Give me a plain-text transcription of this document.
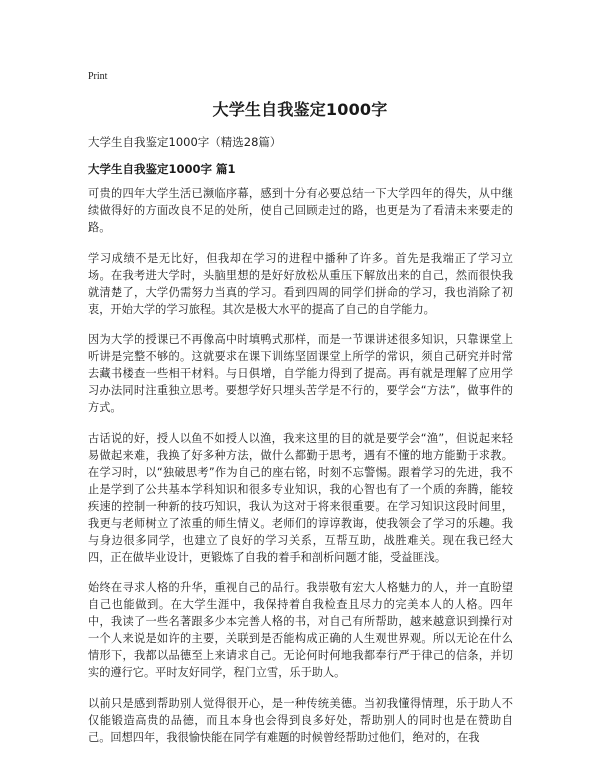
Print
大学生自我鉴定1000字
大学生自我鉴定1000字（精选28篇）
大学生自我鉴定1000字 篇1

可贵的四年大学生活已濒临序幕，感到十分有必要总结一下大学四年的得失，从中继续做得好的方面改良不足的处所，使自己回顾走过的路，也更是为了看清未来要走的路。

学习成绩不是无比好，但我却在学习的进程中播种了许多。首先是我端正了学习立场。在我考进大学时，头脑里想的是好好放松从重压下解放出来的自己，然而很快我就清楚了，大学仍需努力当真的学习。看到四周的同学们拼命的学习，我也消除了初衷，开始大学的学习旅程。其次是极大水平的提高了自己的自学能力。

因为大学的授课已不再像高中时填鸭式那样，而是一节课讲述很多知识，只靠课堂上听讲是完整不够的。这就要求在课下训练坚固课堂上所学的常识，须自己研究并时常去藏书楼查一些相干材料。与日俱增，自学能力得到了提高。再有就是理解了应用学习办法同时注重独立思考。要想学好只埋头苦学是不行的，要学会“方法”，做事件的方式。

古话说的好，授人以鱼不如授人以渔，我来这里的目的就是要学会“渔”，但说起来轻易做起来难，我换了好多种方法，做什么都勤于思考，遇有不懂的地方能勤于求教。在学习时，以“独破思考”作为自己的座右铭，时刻不忘警惕。跟着学习的先进，我不止是学到了公共基本学科知识和很多专业知识，我的心智也有了一个质的奔腾，能较疾速的控制一种新的技巧知识，我认为这对于将来很重要。在学习知识这段时间里，我更与老师树立了浓重的师生情义。老师们的谆谆教诲，使我领会了学习的乐趣。我与身边很多同学，也建立了良好的学习关系，互帮互助，战胜难关。现在我已经大四，正在做毕业设计，更锻炼了自我的着手和剖析问题才能，受益匪浅。

始终在寻求人格的升华，重视自己的品行。我崇敬有宏大人格魅力的人，并一直盼望自己也能做到。在大学生涯中，我保持着自我检查且尽力的完美本人的人格。四年中，我读了一些名著跟多少本完善人格的书，对自己有所帮助，越来越意识到操行对一个人来说是如许的主要，关联到是否能构成正确的人生观世界观。所以无论在什么情形下，我都以品德至上来请求自己。无论何时何地我都奉行严于律己的信条，并切实的遵行它。平时友好同学，程门立雪，乐于助人。

以前只是感到帮助别人觉得很开心，是一种传统美德。当初我懂得情理，乐于助人不仅能锻造高贵的品德，而且本身也会得到良多好处，帮助别人的同时也是在赞助自己。回想四年，我很愉快能在同学有难题的时候曾经帮助过他们，绝对的，在我
